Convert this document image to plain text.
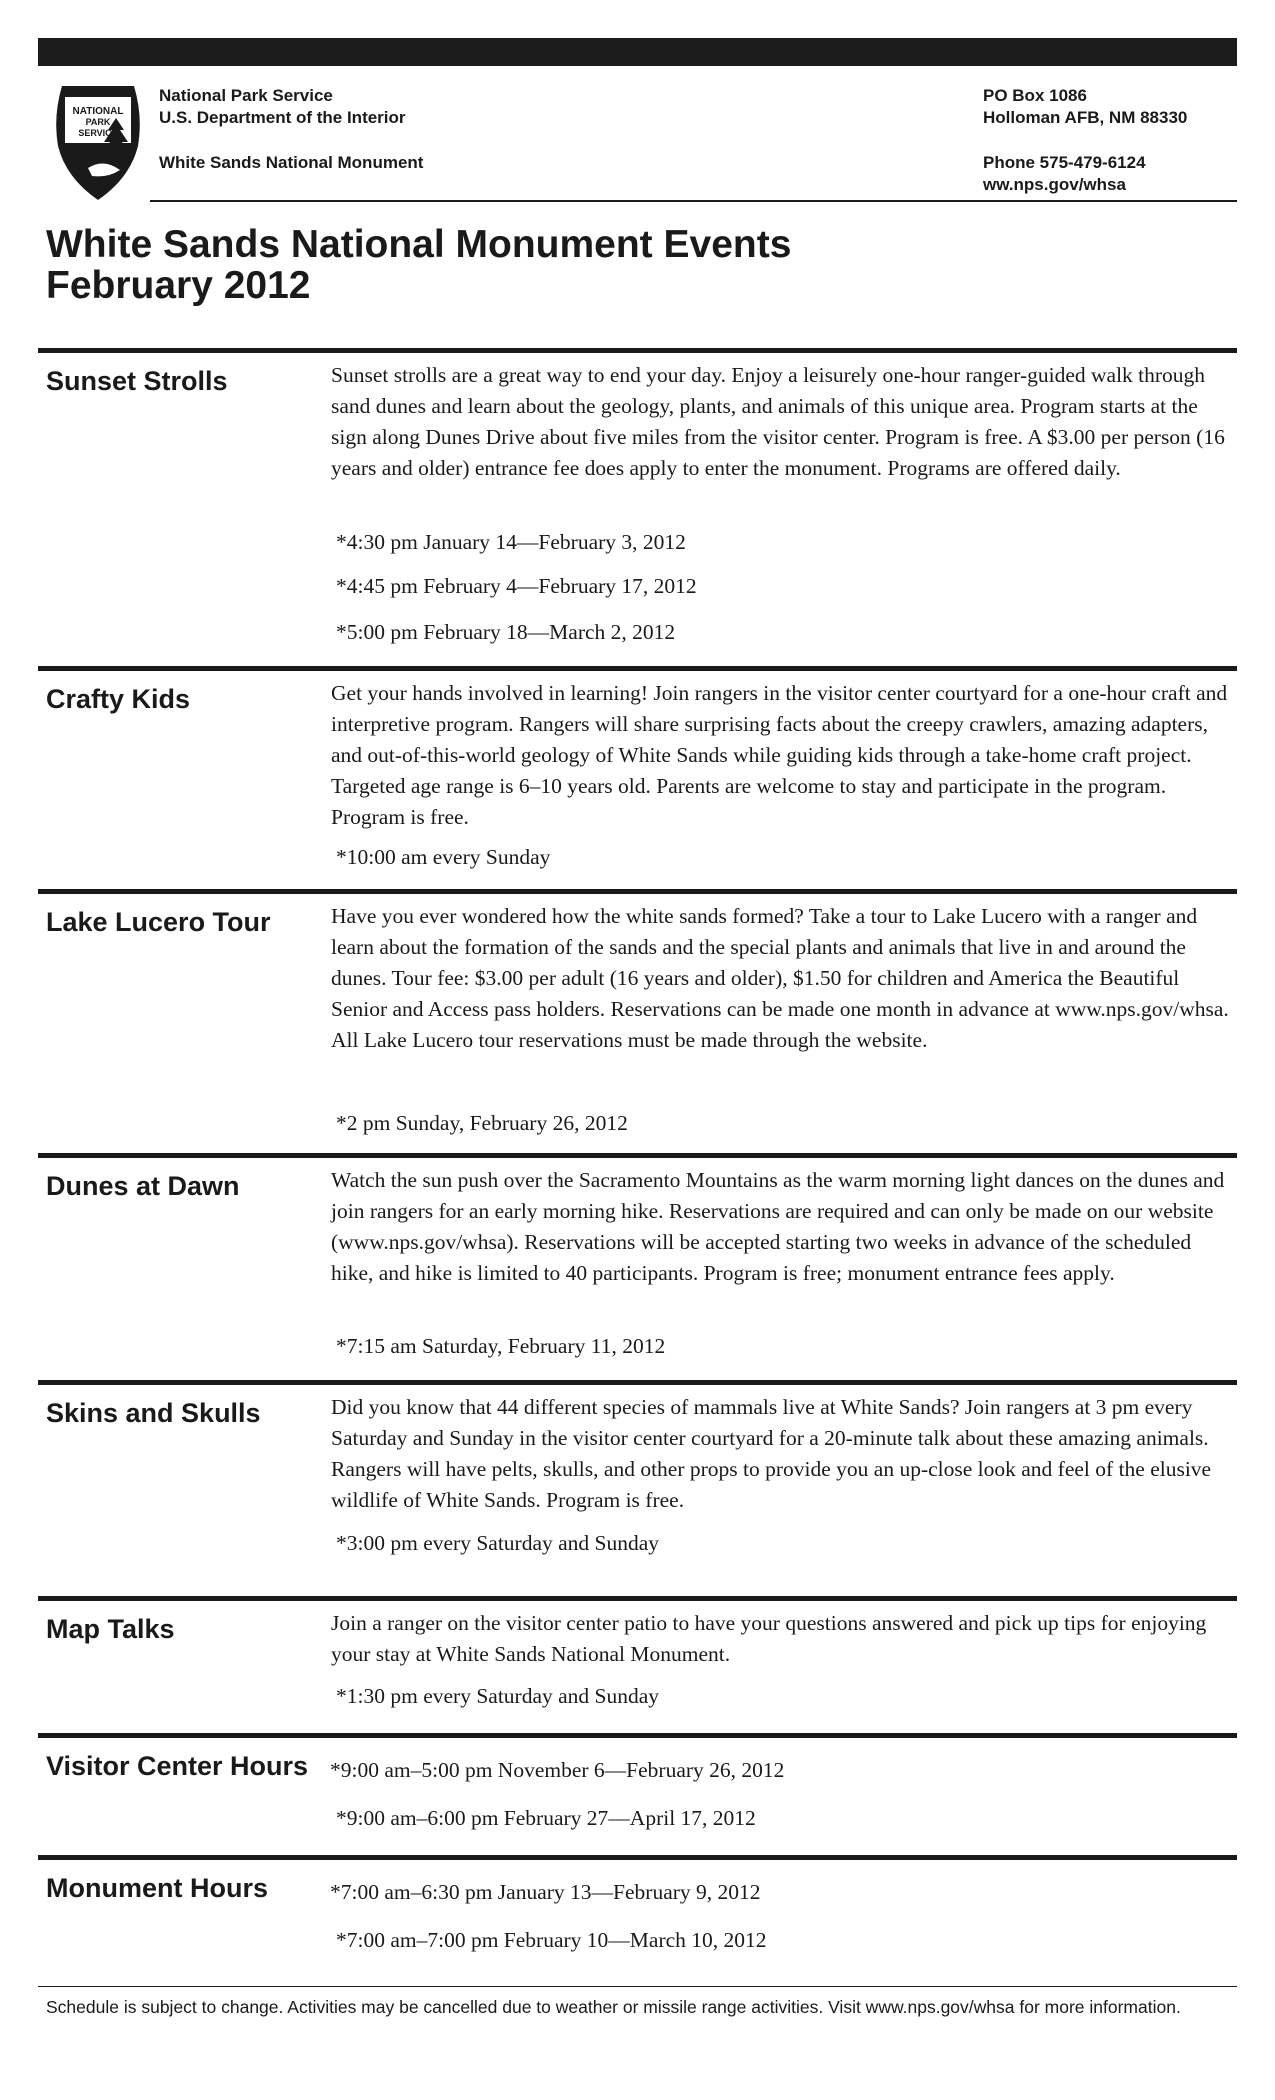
NATIONAL
PARK
SERVICE
National Park Service
U.S. Department of the Interior
White Sands National Monument
PO Box 1086
Holloman AFB, NM 88330
Phone 575-479-6124
ww.nps.gov/whsa
White Sands National Monument Events
February 2012
Sunset Strolls	Sunset strolls are a great way to end your day. Enjoy a leisurely one-hour ranger-guided walk through sand dunes and learn about the geology, plants, and animals of this unique area. Program starts at the sign along Dunes Drive about five miles from the visitor center. Program is free. A $3.00 per person (16 years and older) entrance fee does apply to enter the monument. Programs are offered daily.

*4:30 pm January 14—February 3, 2012
*4:45 pm February 4—February 17, 2012
*5:00 pm February 18—March 2, 2012
Crafty Kids	Get your hands involved in learning! Join rangers in the visitor center courtyard for a one-hour craft and interpretive program. Rangers will share surprising facts about the creepy crawlers, amazing adapters, and out-of-this-world geology of White Sands while guiding kids through a take-home craft project. Targeted age range is 6–10 years old. Parents are welcome to stay and participate in the program. Program is free.

*10:00 am every Sunday
Lake Lucero Tour	Have you ever wondered how the white sands formed? Take a tour to Lake Lucero with a ranger and learn about the formation of the sands and the special plants and animals that live in and around the dunes. Tour fee: $3.00 per adult (16 years and older), $1.50 for children and America the Beautiful Senior and Access pass holders. Reservations can be made one month in advance at www.nps.gov/whsa. All Lake Lucero tour reservations must be made through the website.

*2 pm Sunday, February 26, 2012
Dunes at Dawn	Watch the sun push over the Sacramento Mountains as the warm morning light dances on the dunes and join rangers for an early morning hike. Reservations are required and can only be made on our website (www.nps.gov/whsa). Reservations will be accepted starting two weeks in advance of the scheduled hike, and hike is limited to 40 participants. Program is free; monument entrance fees apply.

*7:15 am Saturday, February 11, 2012
Skins and Skulls	Did you know that 44 different species of mammals live at White Sands? Join rangers at 3 pm every Saturday and Sunday in the visitor center courtyard for a 20-minute talk about these amazing animals. Rangers will have pelts, skulls, and other props to provide you an up-close look and feel of the elusive wildlife of White Sands. Program is free.

*3:00 pm every Saturday and Sunday
Map Talks	Join a ranger on the visitor center patio to have your questions answered and pick up tips for enjoying your stay at White Sands National Monument.

*1:30 pm every Saturday and Sunday
Visitor Center Hours *9:00 am–5:00 pm November 6—February 26, 2012
*9:00 am–6:00 pm February 27—April 17, 2012
Monument Hours	*7:00 am–6:30 pm January 13—February 9, 2012
*7:00 am–7:00 pm February 10—March 10, 2012
Schedule is subject to change. Activities may be cancelled due to weather or missile range activities. Visit www.nps.gov/whsa for more information.
